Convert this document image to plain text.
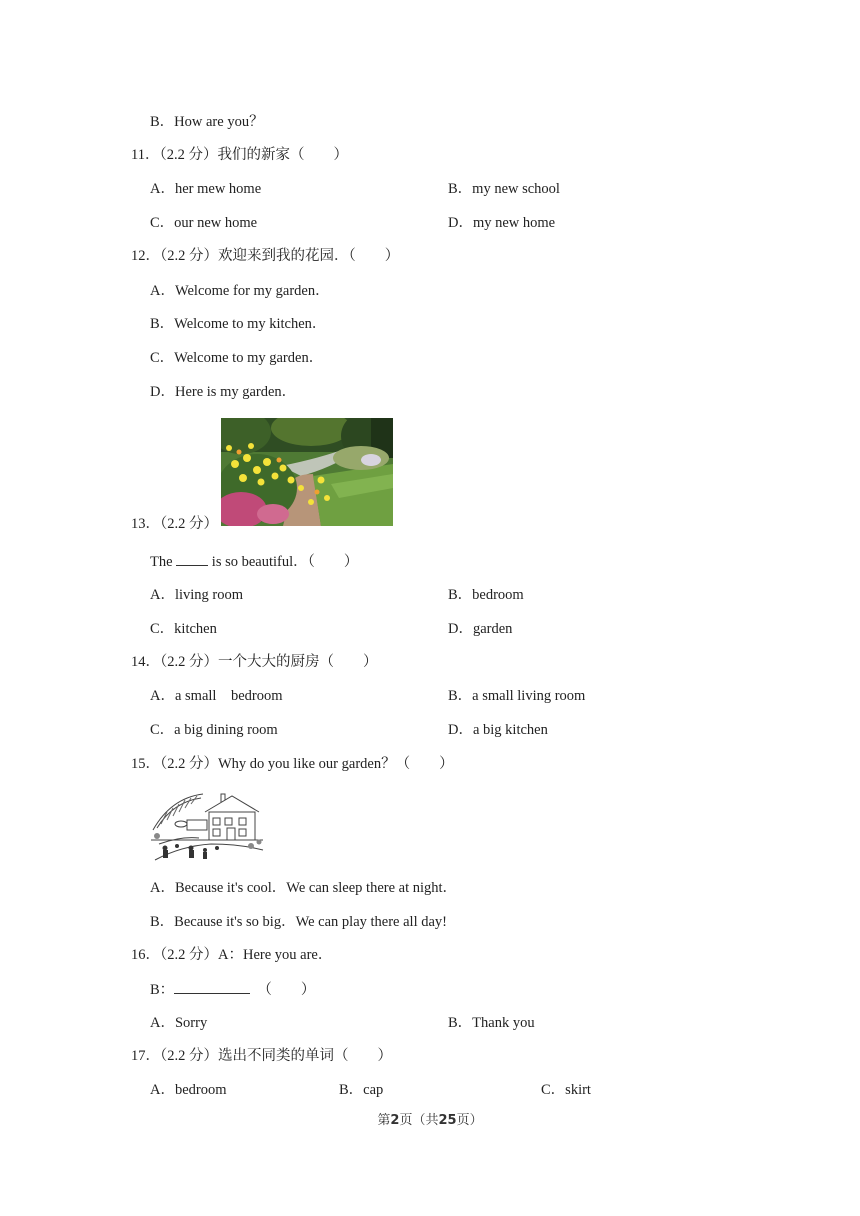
B．How are you？
11．（2.2 分）我们的新家（　　）
A．her mew home	B．my new school
C．our new home	D．my new home
12．（2.2 分）欢迎来到我的花园．（　　）
A．Welcome for my garden．
B．Welcome to my kitchen．
C．Welcome to my garden．
D．Here is my garden．
13．（2.2 分）
The  is so beautiful．（　　）
A．living room	B．bedroom
C．kitchen	D．garden
14．（2.2 分）一个大大的厨房（　　）
A．a small　bedroom	B．a small living room
C．a big dining room	D．a big kitchen
15．（2.2 分）Why do you like our garden？（　　）
A．Because it's cool．We can sleep there at night．
B．Because it's so big．We can play there all day!
16．（2.2 分）A：Here you are．
B：	　（　　）
A．Sorry	B．Thank you
17．（2.2 分）选出不同类的单词（　　）
A．bedroom	B．cap	C．skirt
第2页（共25页）
